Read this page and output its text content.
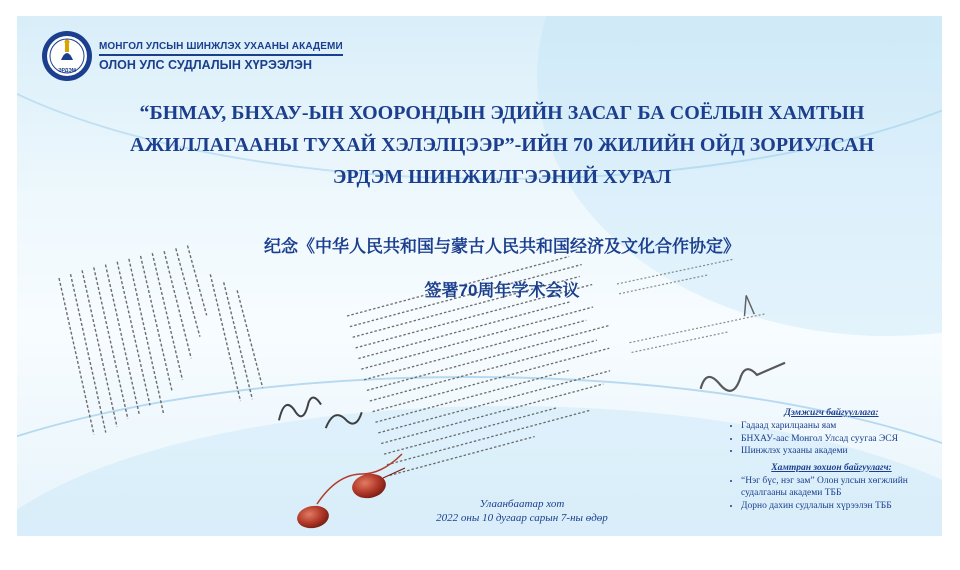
ЭРДЭМ
МОНГОЛ УЛСЫН ШИНЖЛЭХ УХААНЫ АКАДЕМИ
ОЛОН УЛС СУДЛАЛЫН ХҮРЭЭЛЭН
“БНМАУ, БНХАУ-ЫН ХООРОНДЫН ЭДИЙН ЗАСАГ БА СОЁЛЫН ХАМТЫН
АЖИЛЛАГААНЫ ТУХАЙ ХЭЛЭЛЦЭЭР”-ИЙН 70 ЖИЛИЙН ОЙД ЗОРИУЛСАН
ЭРДЭМ ШИНЖИЛГЭЭНИЙ ХУРАЛ
纪念《中华人民共和国与蒙古人民共和国经济及文化合作协定》
签署70周年学术会议
Улаанбаатар хот
2022 оны 10 дугаар сарын 7-ны өдөр
Дэмжигч байгууллага:
• Гадаад харилцааны яам
• БНХАУ-аас Монгол Улсад суугаа ЭСЯ
• Шинжлэх ухааны академи
Хамтран зохион байгуулагч:
• “Нэг бүс, нэг зам” Олон улсын хөгжлийн судалгааны академи ТББ
• Дорно дахин судлалын хүрээлэн ТББ
